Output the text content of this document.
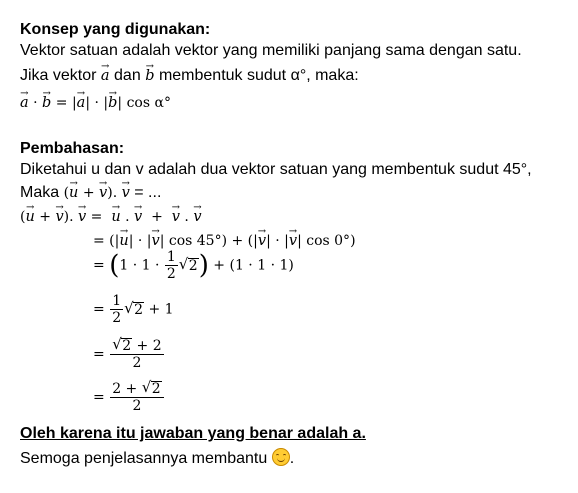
Konsep yang digunakan:
Vektor satuan adalah vektor yang memiliki panjang sama dengan satu.
Jika vektor → a dan → b membentuk sudut α°, maka:
→ a · → b = |→ a| · |→ b| cos α°
Pembahasan:
Diketahui u dan v adalah dua vektor satuan yang membentuk sudut 45°,
Maka (→ u + → v). → v = ...
(→ u + → v). → v =  → u . → v  +  → v . → v
= (|→ u| · |→ v| cos 45°) + (|→ v| · |→ v| cos 0°)
= ($1 \cdot 1 \cdot \frac{1}{2}$ √ 2) + (1 · 1 · 1)
= $\frac{1}{2}$ √ 2 + 1
= $\frac{√ 2 + 2}{2}$
= $\frac{2 + √ 2}{2}$
Oleh karena itu jawaban yang benar adalah a.
Semoga penjelasannya membantu .
